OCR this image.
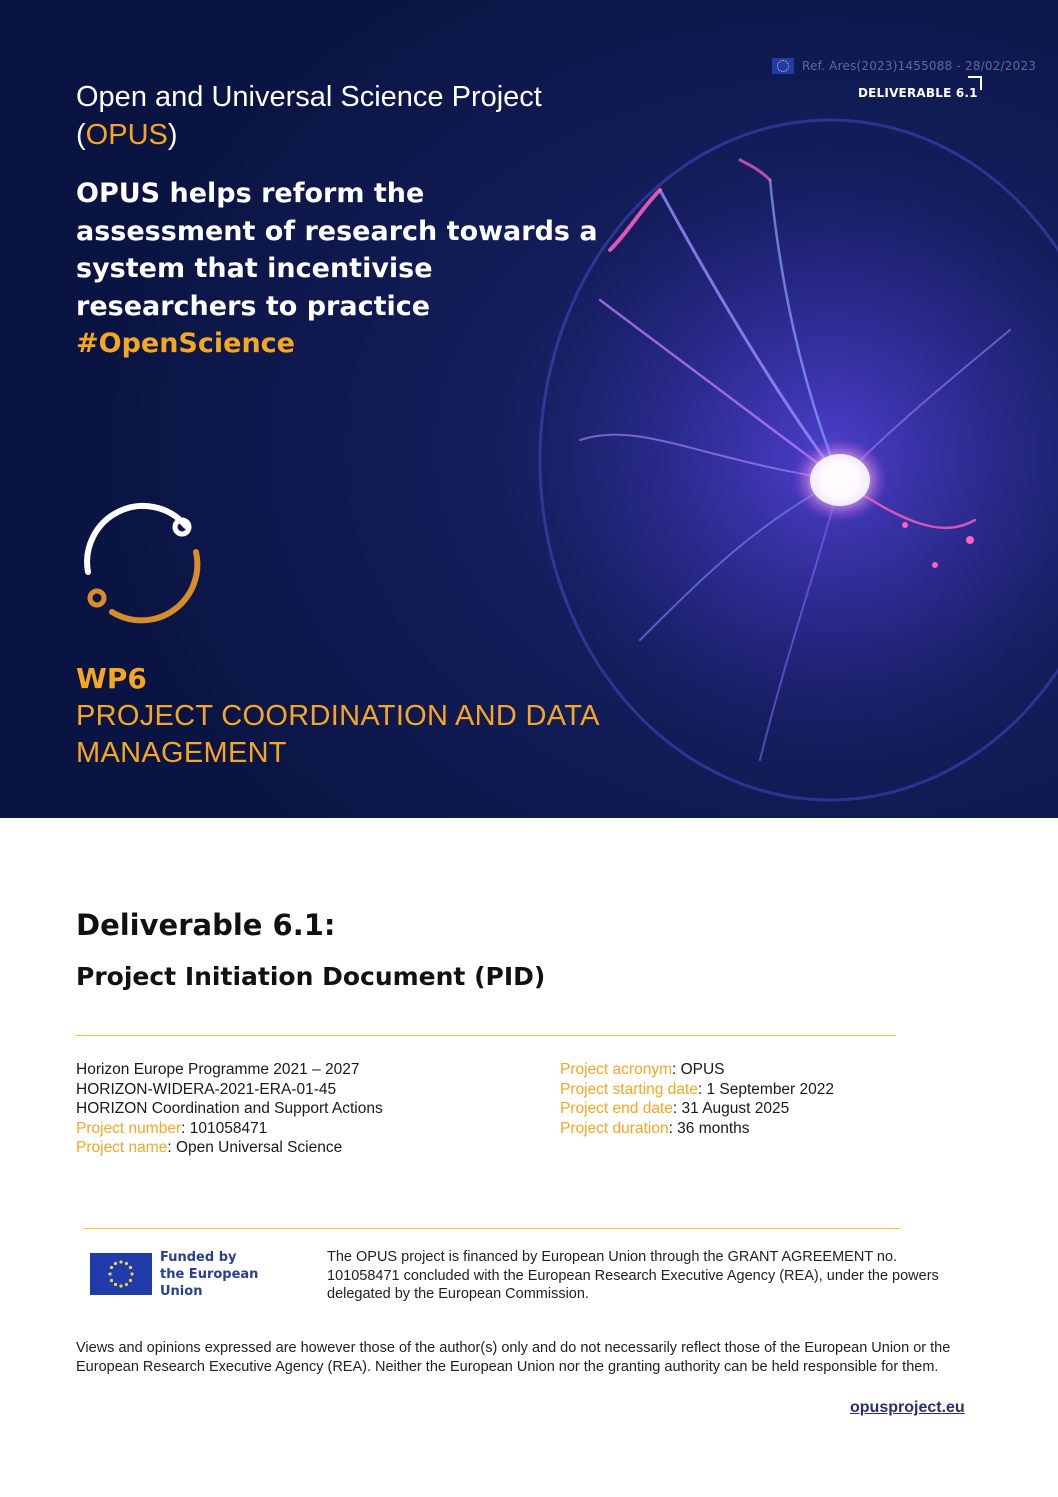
Ref. Ares(2023)1455088 - 28/02/2023
DELIVERABLE 6.1
Open and Universal Science Project (OPUS)
OPUS helps reform the assessment of research towards a system that incentivise researchers to practice
#OpenScience
WP6
PROJECT COORDINATION AND DATA MANAGEMENT
Deliverable 6.1:
Project Initiation Document (PID)
Horizon Europe Programme 2021 – 2027
HORIZON-WIDERA-2021-ERA-01-45
HORIZON Coordination and Support Actions
Project number: 101058471
Project name: Open Universal Science
Project acronym: OPUS
Project starting date: 1 September 2022
Project end date: 31 August 2025
Project duration: 36 months
Funded by
the European Union
The OPUS project is financed by European Union through the GRANT AGREEMENT no. 101058471 concluded with the European Research Executive Agency (REA), under the powers delegated by the European Commission.
Views and opinions expressed are however those of the author(s) only and do not necessarily reflect those of the European Union or the European Research Executive Agency (REA). Neither the European Union nor the granting authority can be held responsible for them.
opusproject.eu
